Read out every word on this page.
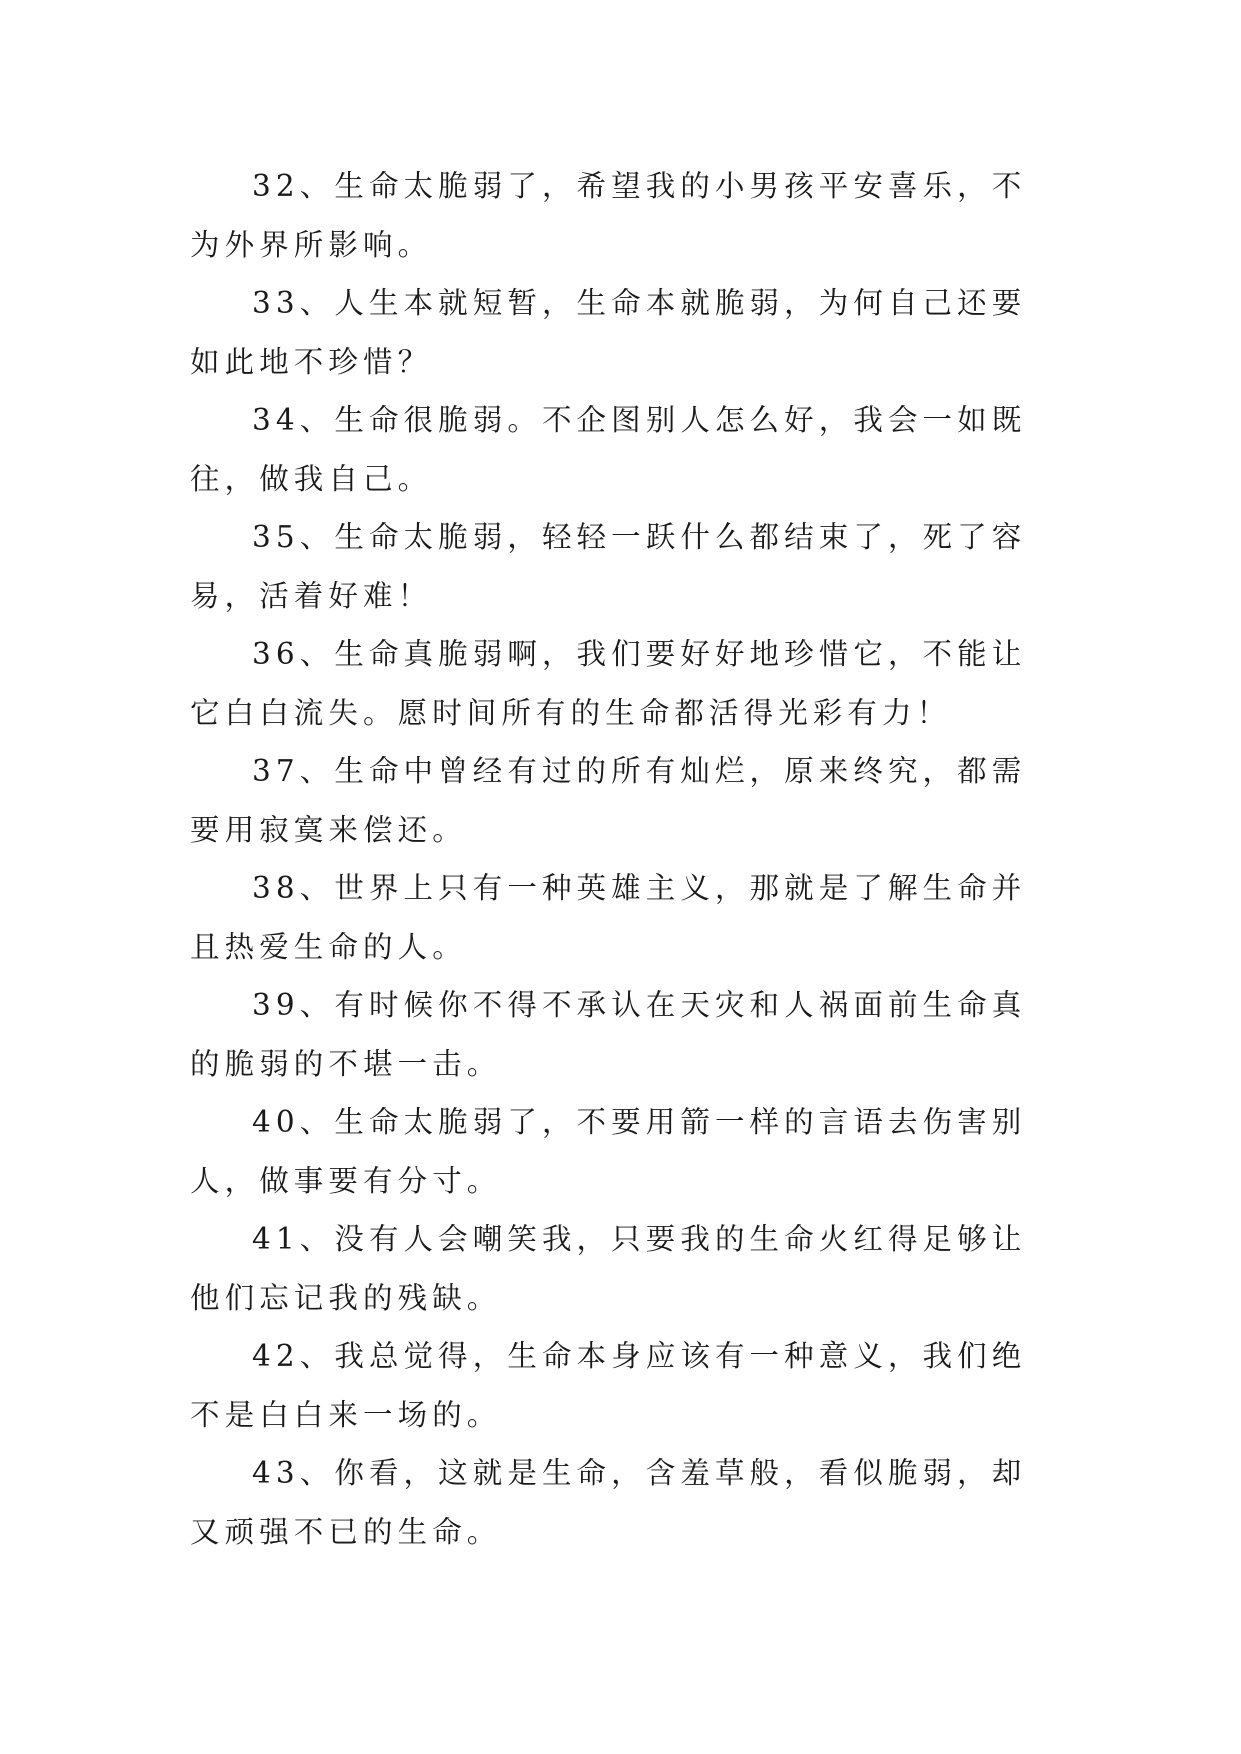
32、生命太脆弱了，希望我的小男孩平安喜乐，不为外界所影响。

33、人生本就短暂，生命本就脆弱，为何自己还要如此地不珍惜？

34、生命很脆弱。不企图别人怎么好，我会一如既往，做我自己。

35、生命太脆弱，轻轻一跃什么都结束了，死了容易，活着好难！

36、生命真脆弱啊，我们要好好地珍惜它，不能让它白白流失。愿时间所有的生命都活得光彩有力！

37、生命中曾经有过的所有灿烂，原来终究，都需要用寂寞来偿还。

38、世界上只有一种英雄主义，那就是了解生命并且热爱生命的人。

39、有时候你不得不承认在天灾和人祸面前生命真的脆弱的不堪一击。

40、生命太脆弱了，不要用箭一样的言语去伤害别人，做事要有分寸。

41、没有人会嘲笑我，只要我的生命火红得足够让他们忘记我的残缺。

42、我总觉得，生命本身应该有一种意义，我们绝不是白白来一场的。

43、你看，这就是生命，含羞草般，看似脆弱，却又顽强不已的生命。
